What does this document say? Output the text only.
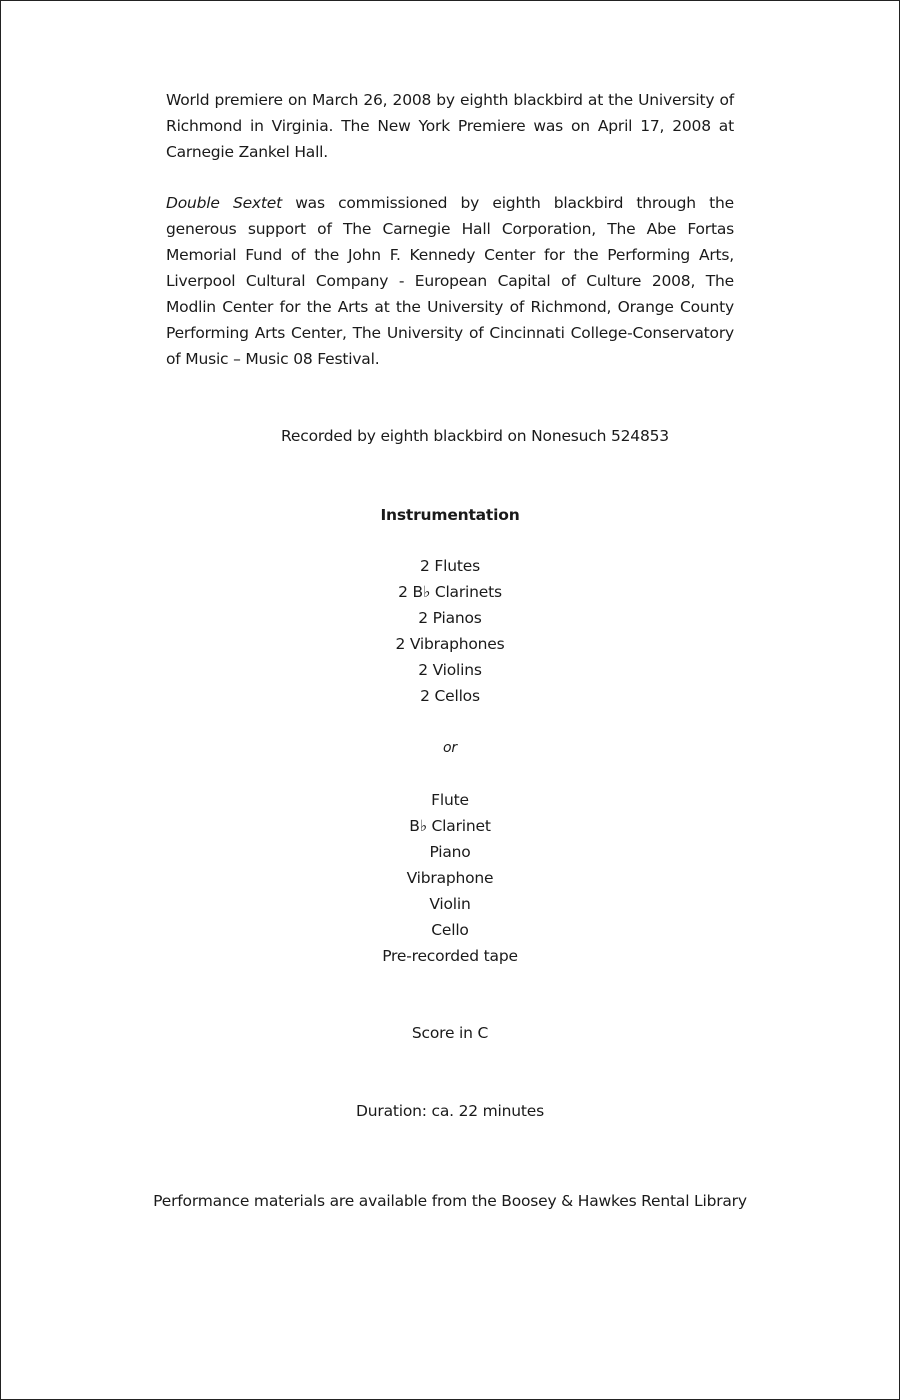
World premiere on March 26, 2008 by eighth blackbird at the University of Richmond in Virginia. The New York Premiere was on April 17, 2008 at Carnegie Zankel Hall.

Double Sextet was commissioned by eighth blackbird through the generous support of The Carnegie Hall Corporation, The Abe Fortas Memorial Fund of the John F. Kennedy Center for the Performing Arts, Liverpool Cultural Company - European Capital of Culture 2008, The Modlin Center for the Arts at the University of Richmond, Orange County Performing Arts Center, The University of Cincinnati College-Conservatory of Music – Music 08 Festival.

Recorded by eighth blackbird on Nonesuch 524853

Instrumentation

2 Flutes
2 B♭ Clarinets
2 Pianos
2 Vibraphones
2 Violins
2 Cellos

or

Flute
B♭ Clarinet
Piano
Vibraphone
Violin
Cello
Pre-recorded tape

Score in C

Duration: ca. 22 minutes

Performance materials are available from the Boosey & Hawkes Rental Library
